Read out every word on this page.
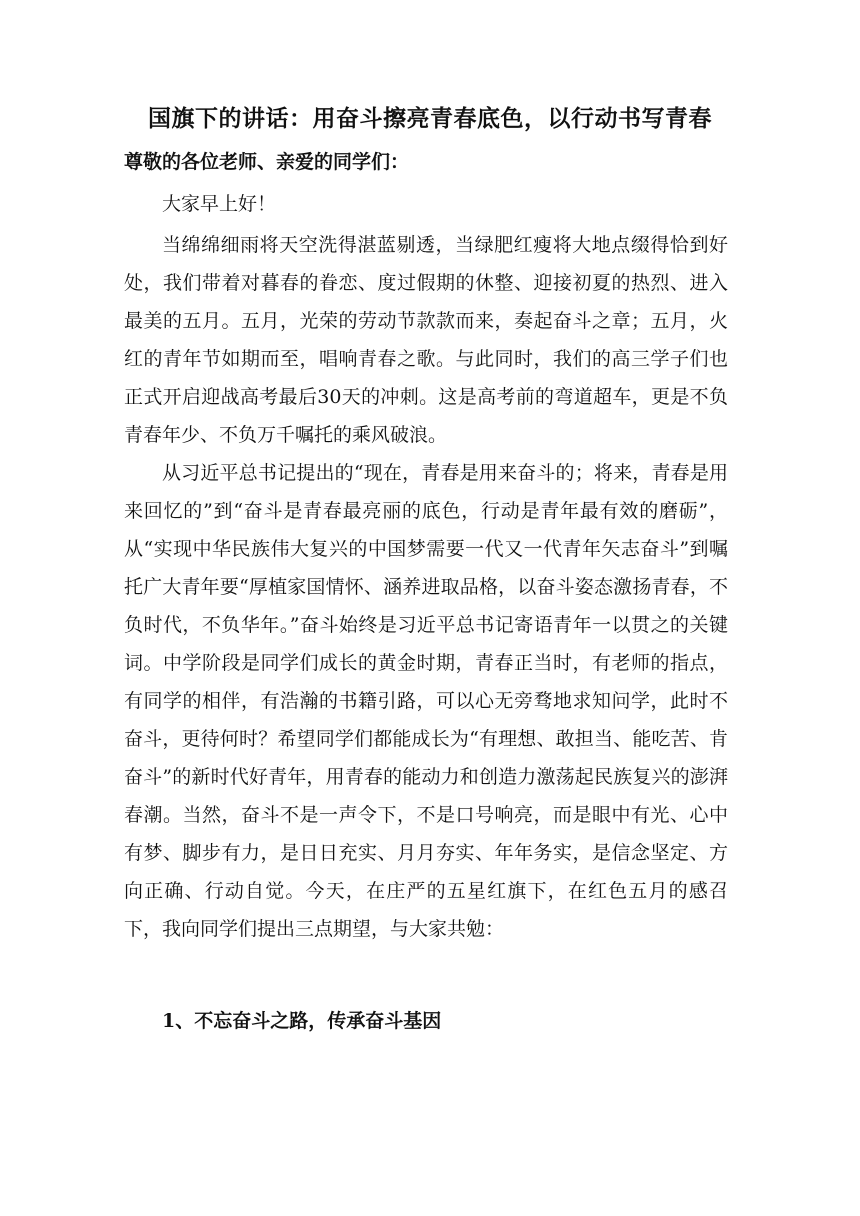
国旗下的讲话：用奋斗擦亮青春底色，以行动书写青春
尊敬的各位老师、亲爱的同学们：

大家早上好！

当绵绵细雨将天空洗得湛蓝剔透，当绿肥红瘦将大地点缀得恰到好处，我们带着对暮春的眷恋、度过假期的休整、迎接初夏的热烈、进入最美的五月。五月，光荣的劳动节款款而来，奏起奋斗之章；五月，火红的青年节如期而至，唱响青春之歌。与此同时，我们的高三学子们也正式开启迎战高考最后30天的冲刺。这是高考前的弯道超车，更是不负青春年少、不负万千嘱托的乘风破浪。

从习近平总书记提出的“现在，青春是用来奋斗的；将来，青春是用来回忆的”到“奋斗是青春最亮丽的底色，行动是青年最有效的磨砺”，从“实现中华民族伟大复兴的中国梦需要一代又一代青年矢志奋斗”到嘱托广大青年要“厚植家国情怀、涵养进取品格，以奋斗姿态激扬青春，不负时代，不负华年。”奋斗始终是习近平总书记寄语青年一以贯之的关键词。中学阶段是同学们成长的黄金时期，青春正当时，有老师的指点，有同学的相伴，有浩瀚的书籍引路，可以心无旁骛地求知问学，此时不奋斗，更待何时？希望同学们都能成长为“有理想、敢担当、能吃苦、肯奋斗”的新时代好青年，用青春的能动力和创造力激荡起民族复兴的澎湃春潮。当然，奋斗不是一声令下，不是口号响亮，而是眼中有光、心中有梦、脚步有力，是日日充实、月月夯实、年年务实，是信念坚定、方向正确、行动自觉。今天，在庄严的五星红旗下，在红色五月的感召下，我向同学们提出三点期望，与大家共勉：

1、不忘奋斗之路，传承奋斗基因
